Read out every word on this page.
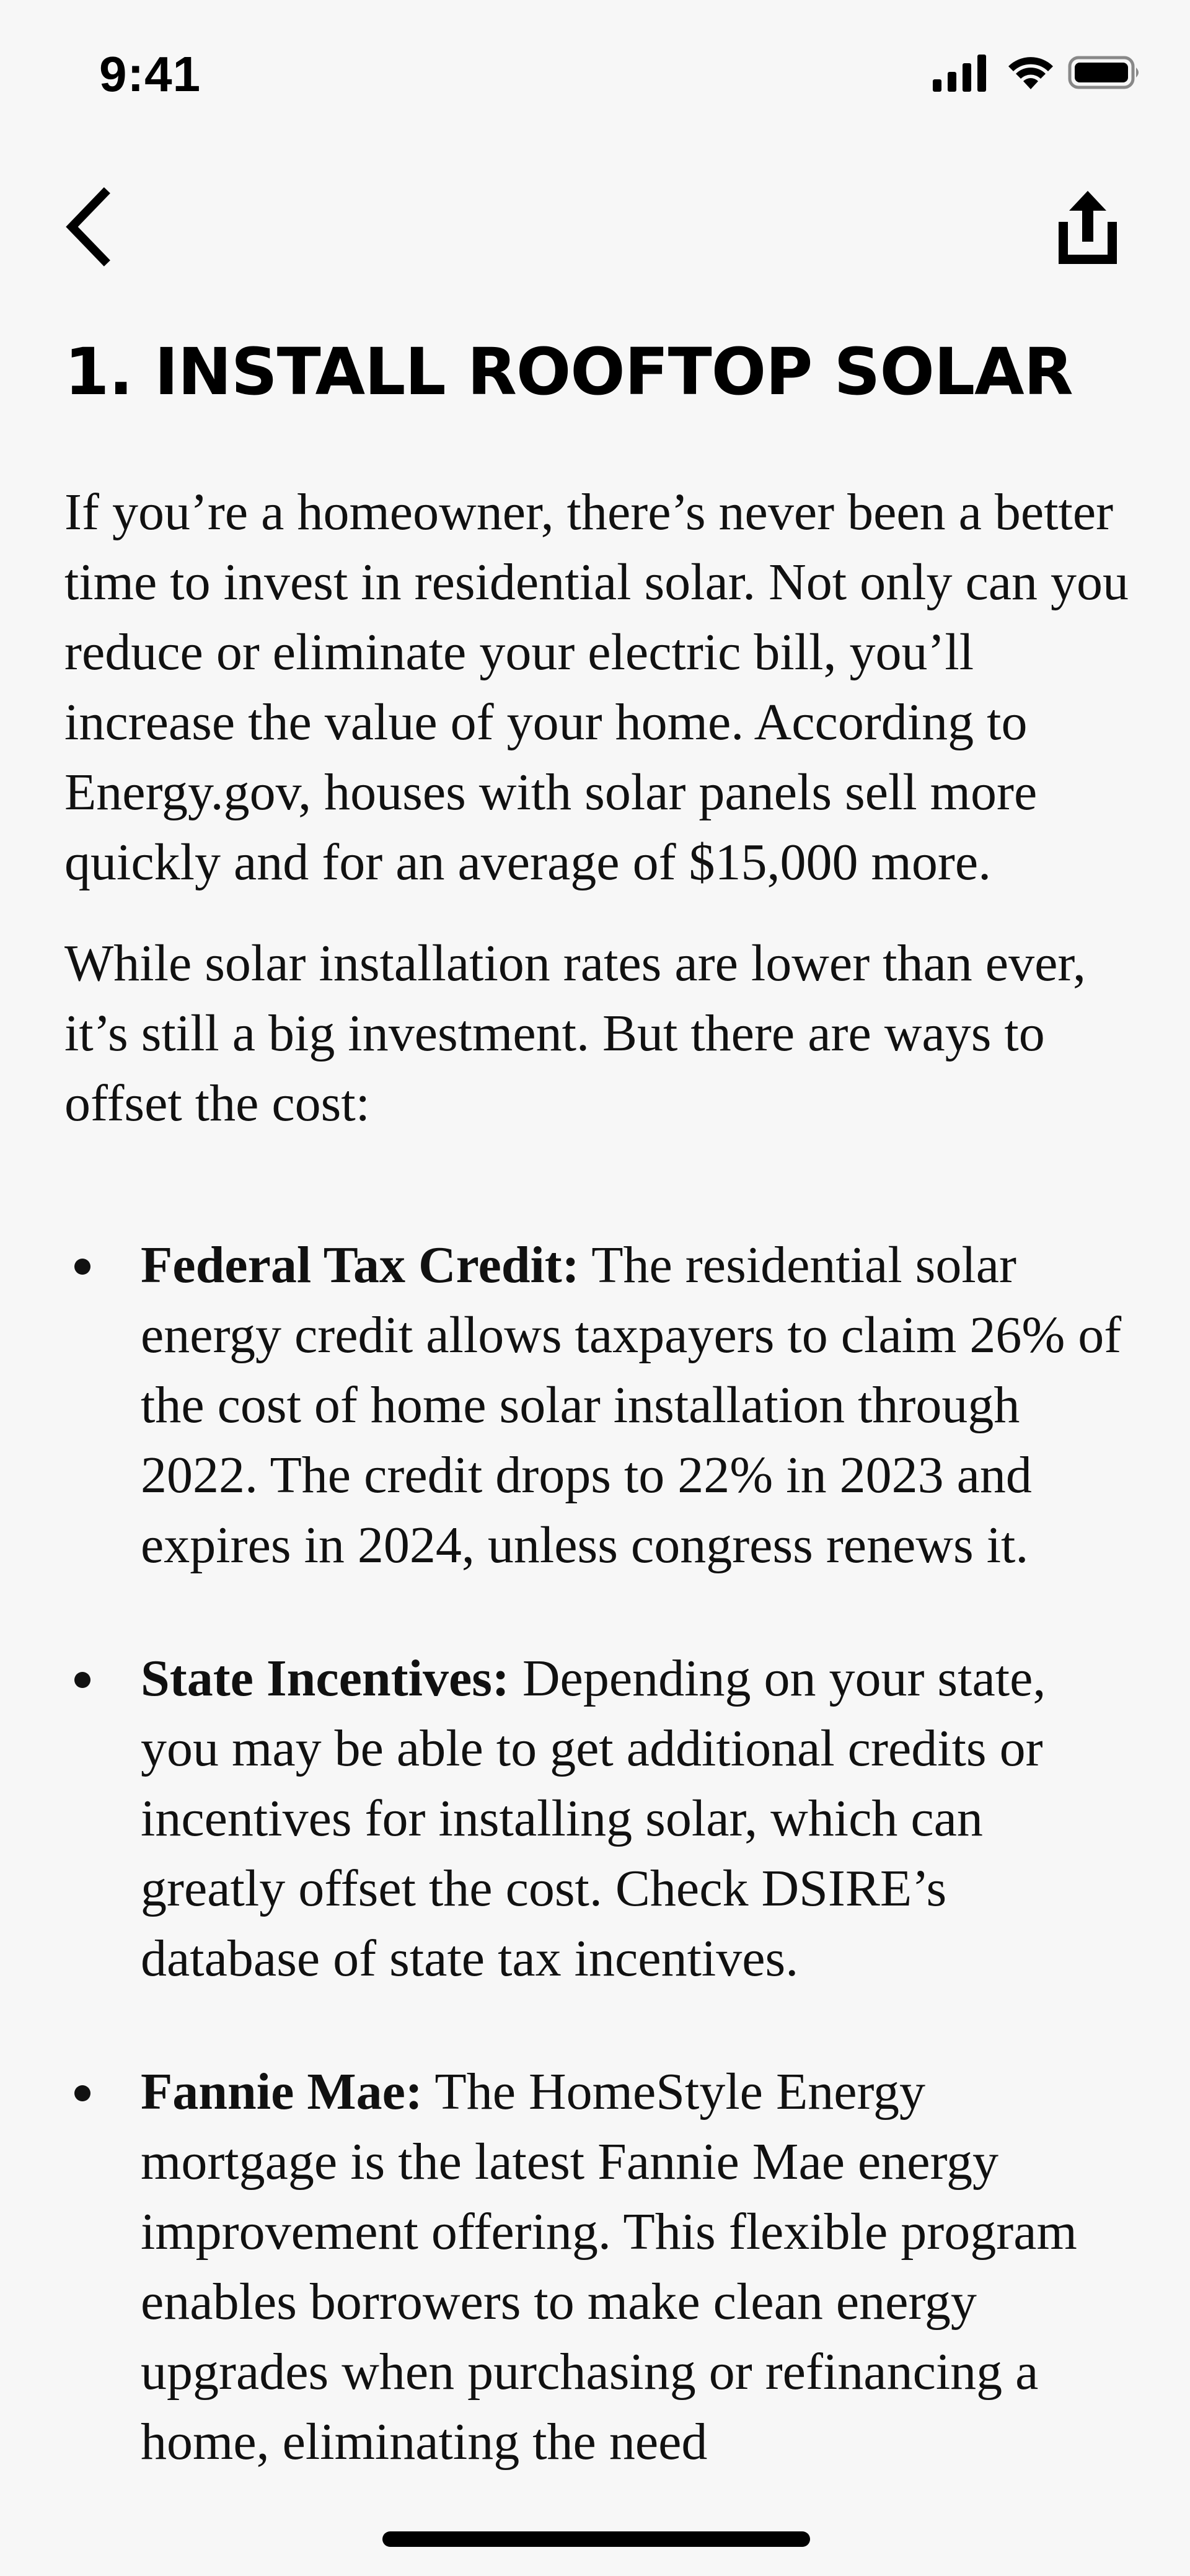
9:41
1. INSTALL ROOFTOP SOLAR

If you’re a homeowner, there’s never been a better time to invest in residential solar. Not only can you reduce or eliminate your electric bill, you’ll increase the value of your home. According to Energy.gov, houses with solar panels sell more quickly and for an average of $15,000 more.

While solar installation rates are lower than ever, it’s still a big investment. But there are ways to offset the cost:

Federal Tax Credit: The residential solar energy credit allows taxpayers to claim 26% of the cost of home solar installation through 2022. The credit drops to 22% in 2023 and expires in 2024, unless congress renews it.
State Incentives: Depending on your state, you may be able to get additional credits or incentives for installing solar, which can greatly offset the cost. Check DSIRE’s database of state tax incentives.
Fannie Mae: The HomeStyle Energy mortgage is the latest Fannie Mae energy improvement offering. This flexible program enables borrowers to make clean energy upgrades when purchasing or refinancing a home, eliminating the need
